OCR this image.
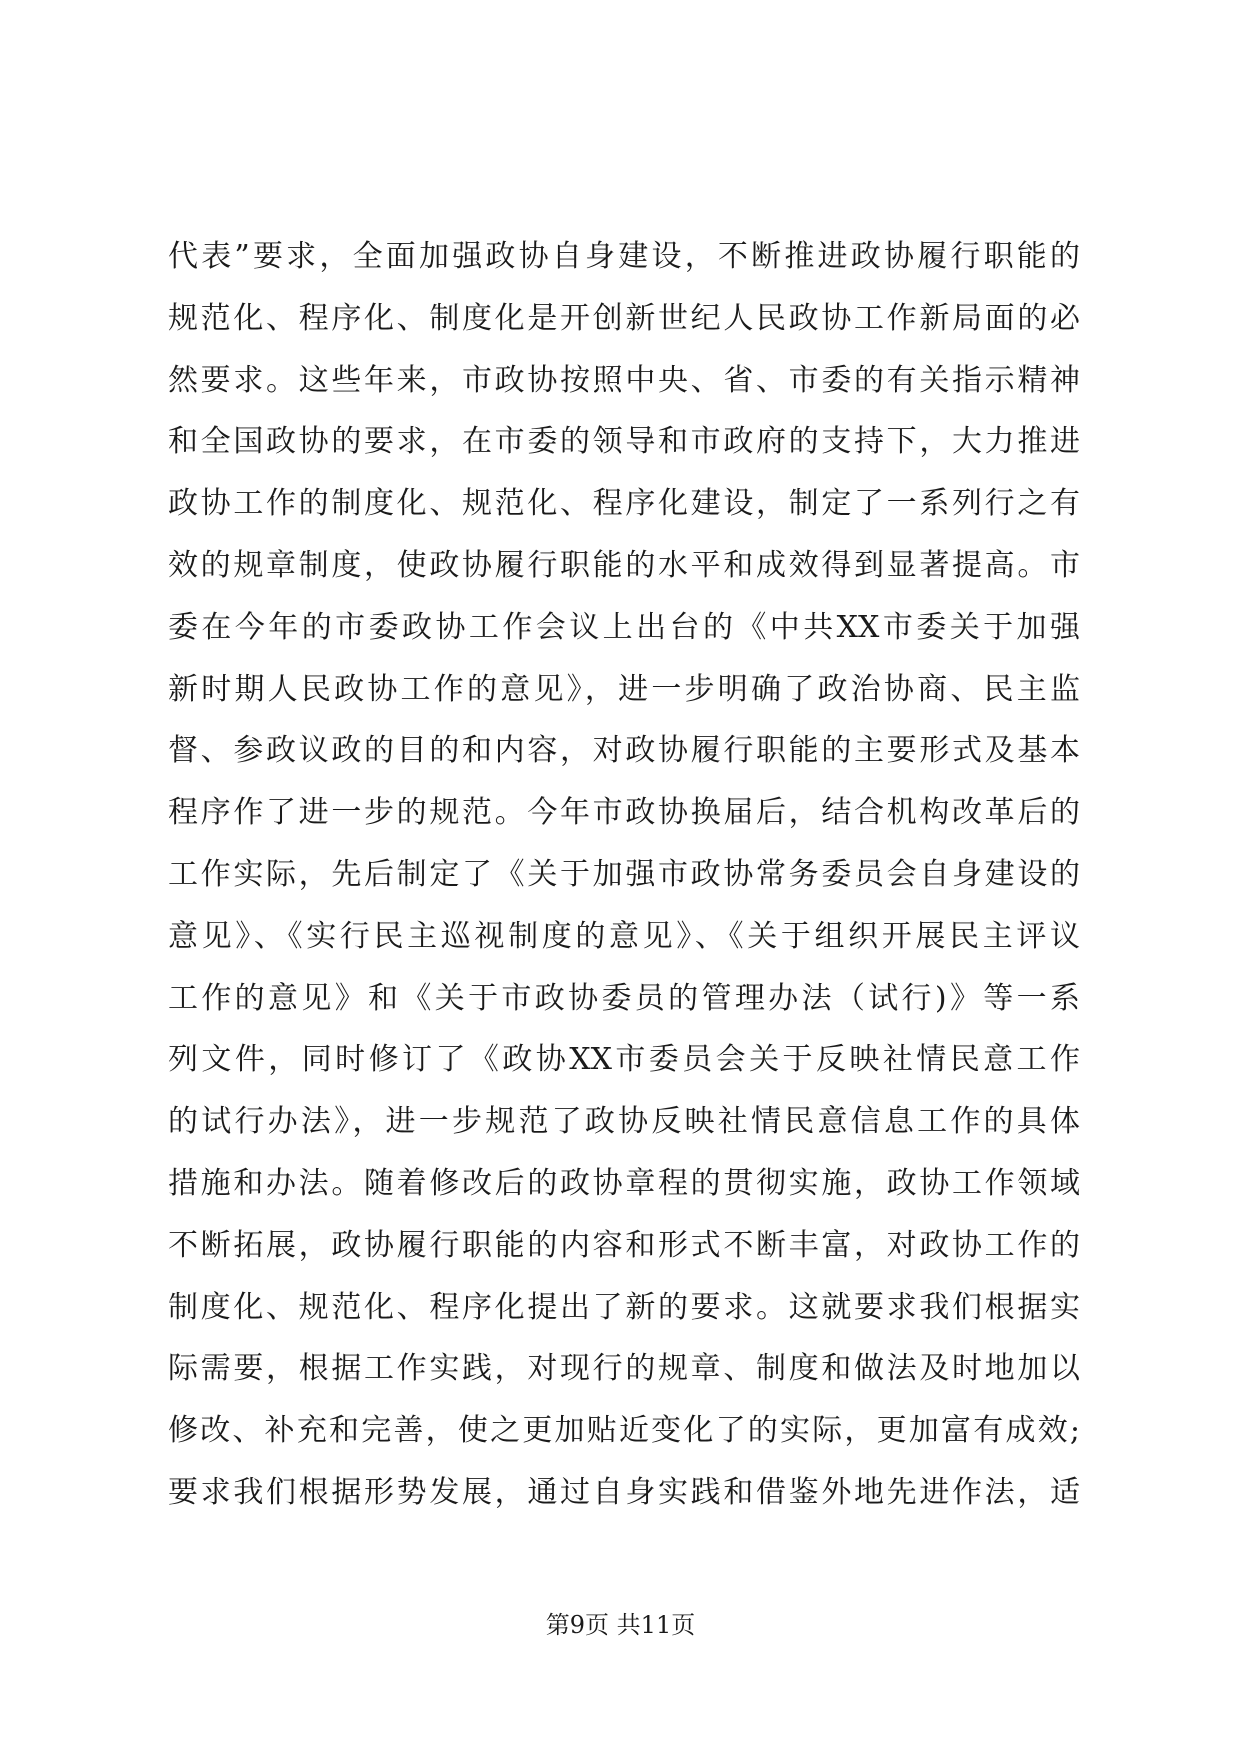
代表”要求，全面加强政协自身建设，不断推进政协履行职能的
规范化、程序化、制度化是开创新世纪人民政协工作新局面的必
然要求。这些年来，市政协按照中央、省、市委的有关指示精神
和全国政协的要求，在市委的领导和市政府的支持下，大力推进
政协工作的制度化、规范化、程序化建设，制定了一系列行之有
效的规章制度，使政协履行职能的水平和成效得到显著提高。市
委在今年的市委政协工作会议上出台的《中共XX市委关于加强
新时期人民政协工作的意见》，进一步明确了政治协商、民主监
督、参政议政的目的和内容，对政协履行职能的主要形式及基本
程序作了进一步的规范。今年市政协换届后，结合机构改革后的
工作实际，先后制定了《关于加强市政协常务委员会自身建设的
意见》、《实行民主巡视制度的意见》、《关于组织开展民主评议
工作的意见》和《关于市政协委员的管理办法（试行)》等一系
列文件，同时修订了《政协XX市委员会关于反映社情民意工作
的试行办法》，进一步规范了政协反映社情民意信息工作的具体
措施和办法。随着修改后的政协章程的贯彻实施，政协工作领域
不断拓展，政协履行职能的内容和形式不断丰富，对政协工作的
制度化、规范化、程序化提出了新的要求。这就要求我们根据实
际需要，根据工作实践，对现行的规章、制度和做法及时地加以
修改、补充和完善，使之更加贴近变化了的实际，更加富有成效;
要求我们根据形势发展，通过自身实践和借鉴外地先进作法，适
第9页 共11页
